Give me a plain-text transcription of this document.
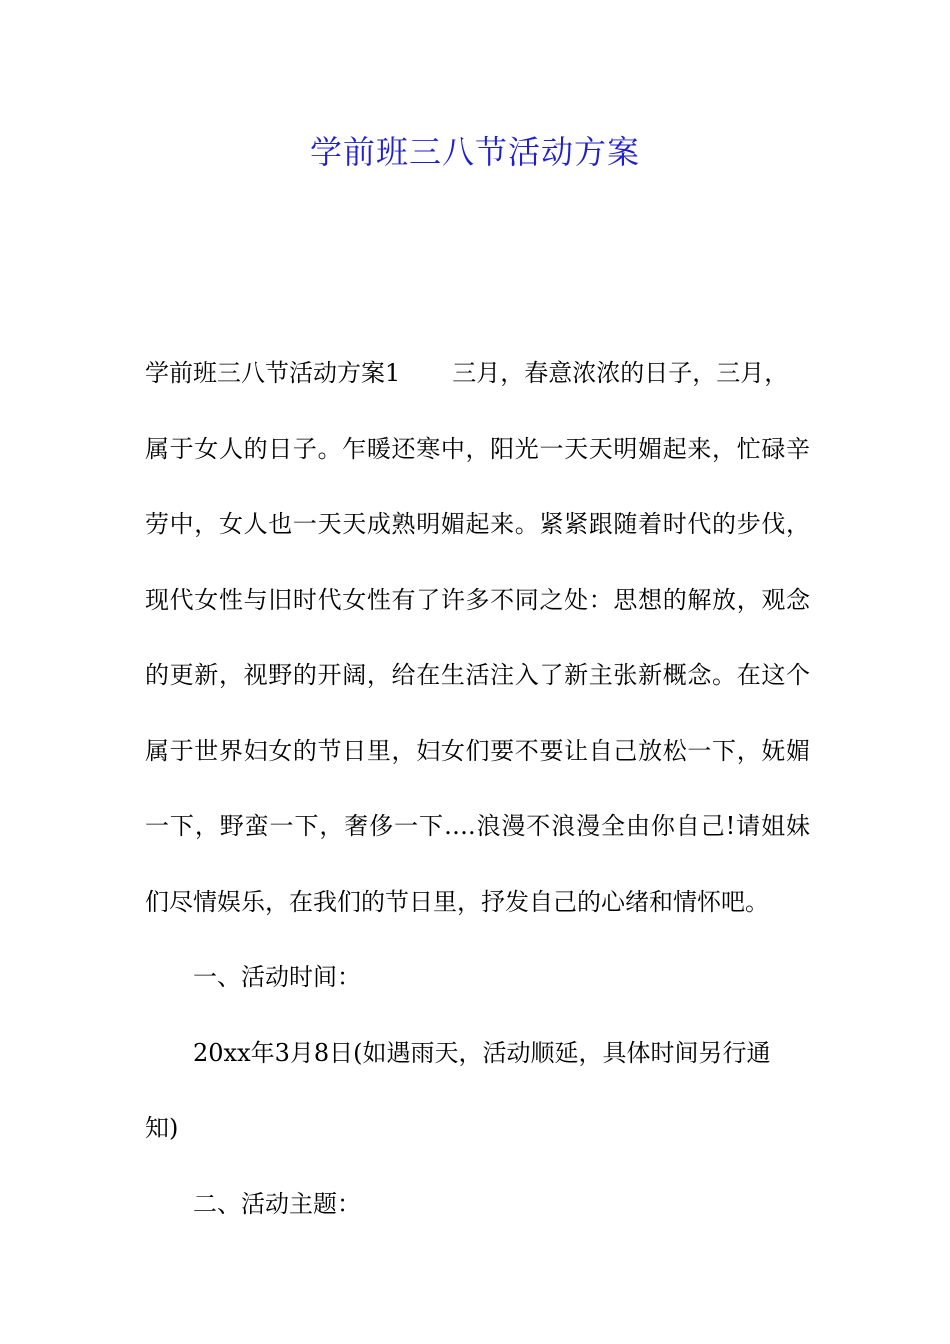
学前班三八节活动方案
学前班三八节活动方案1 三月，春意浓浓的日子，三月，
属于女人的日子。乍暖还寒中，阳光一天天明媚起来，忙碌辛
劳中，女人也一天天成熟明媚起来。紧紧跟随着时代的步伐，
现代女性与旧时代女性有了许多不同之处：思想的解放，观念
的更新，视野的开阔，给在生活注入了新主张新概念。在这个
属于世界妇女的节日里，妇女们要不要让自己放松一下，妩媚
一下，野蛮一下，奢侈一下….浪漫不浪漫全由你自己!请姐妹
们尽情娱乐，在我们的节日里，抒发自己的心绪和情怀吧。
一、活动时间：
20xx年3月8日(如遇雨天，活动顺延，具体时间另行通
知)
二、活动主题：
